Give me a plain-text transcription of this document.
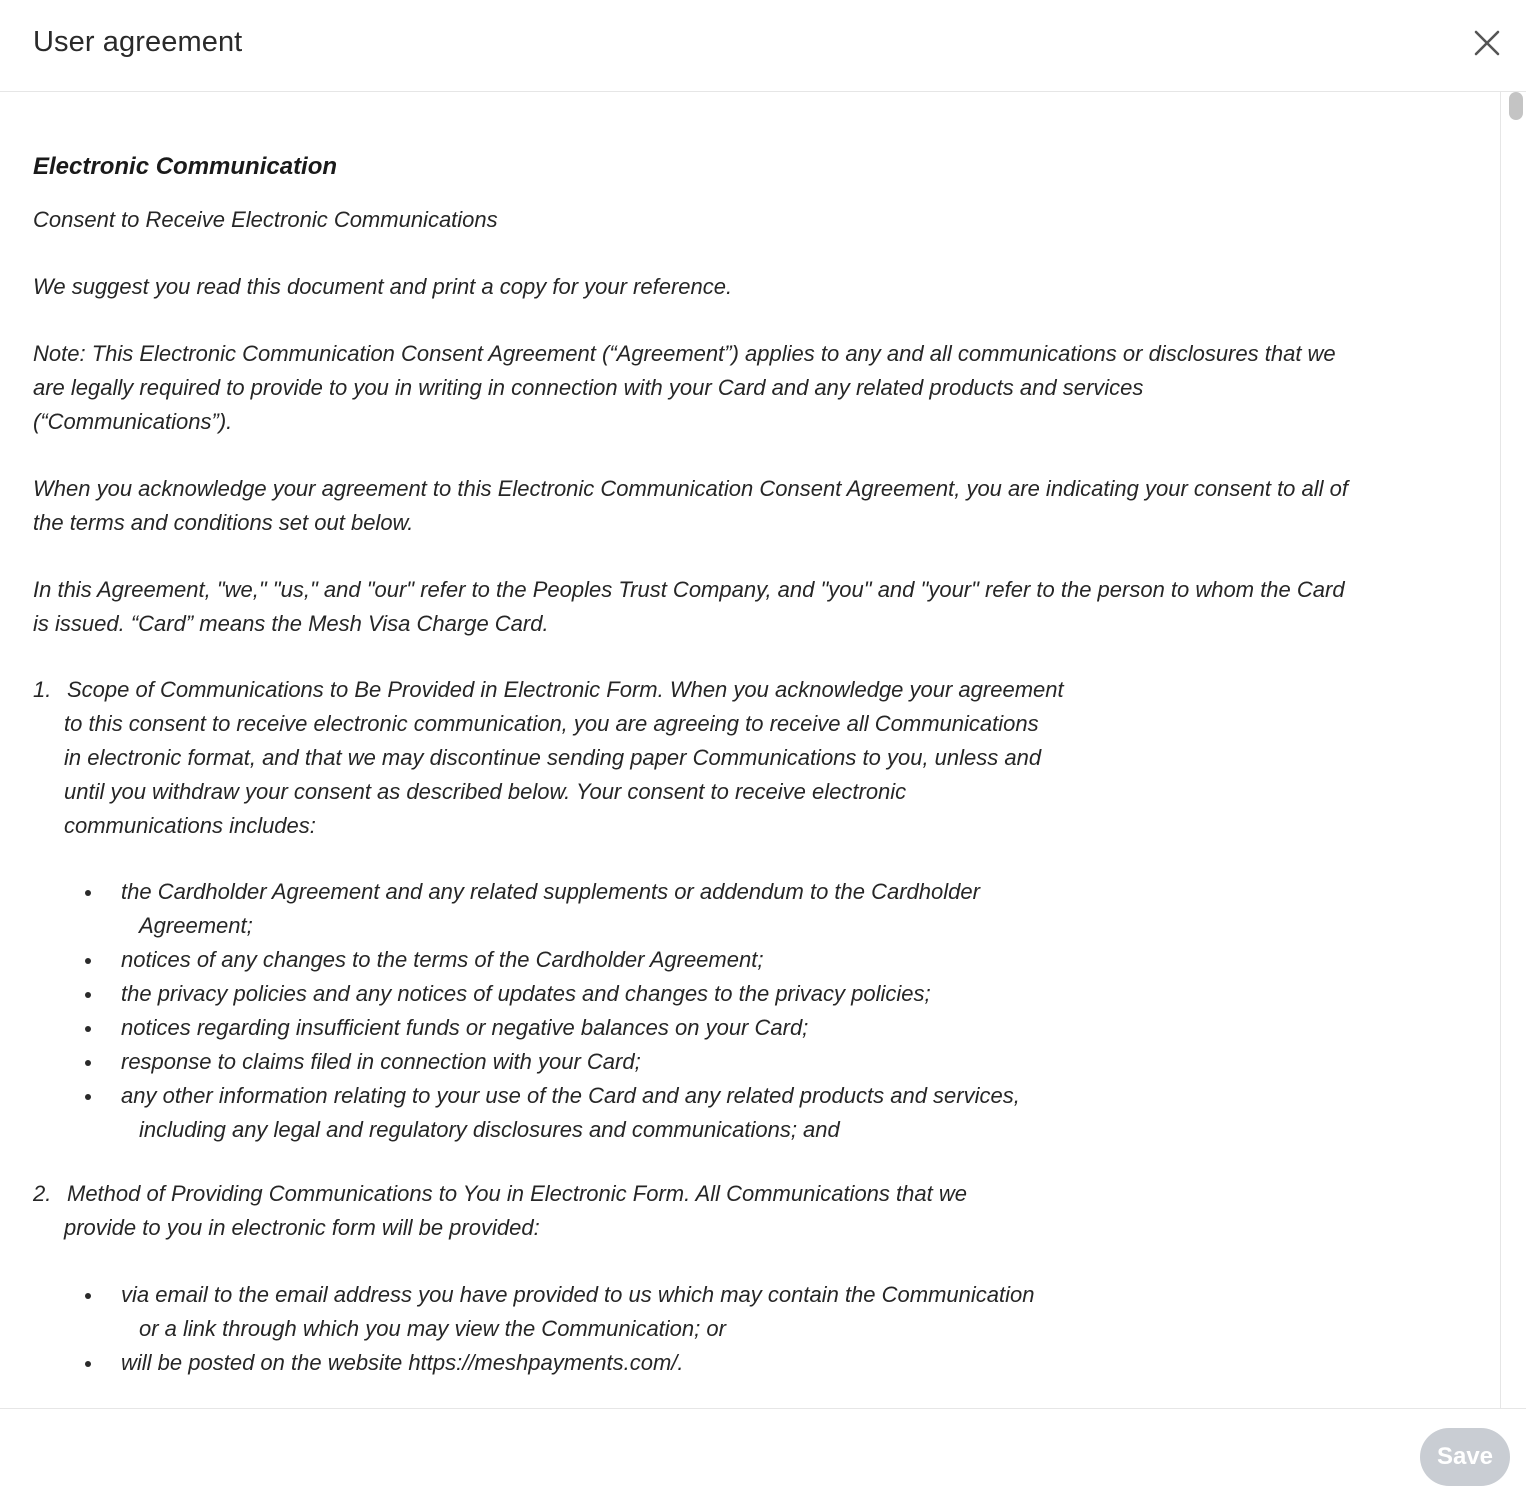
User agreement
Electronic Communication
Consent to Receive Electronic Communications
We suggest you read this document and print a copy for your reference.
Note: This Electronic Communication Consent Agreement (“Agreement”) applies to any and all communications or disclosures that we
are legally required to provide to you in writing in connection with your Card and any related products and services
(“Communications”).
When you acknowledge your agreement to this Electronic Communication Consent Agreement, you are indicating your consent to all of
the terms and conditions set out below.
In this Agreement, "we," "us," and "our" refer to the Peoples Trust Company, and "you" and "your" refer to the person to whom the Card
is issued. “Card” means the Mesh Visa Charge Card.
1. Scope of Communications to Be Provided in Electronic Form. When you acknowledge your agreement
to this consent to receive electronic communication, you are agreeing to receive all Communications
in electronic format, and that we may discontinue sending paper Communications to you, unless and
until you withdraw your consent as described below. Your consent to receive electronic
communications includes:
the Cardholder Agreement and any related supplements or addendum to the Cardholder
Agreement;
notices of any changes to the terms of the Cardholder Agreement;
the privacy policies and any notices of updates and changes to the privacy policies;
notices regarding insufficient funds or negative balances on your Card;
response to claims filed in connection with your Card;
any other information relating to your use of the Card and any related products and services,
including any legal and regulatory disclosures and communications; and
2. Method of Providing Communications to You in Electronic Form. All Communications that we
provide to you in electronic form will be provided:
via email to the email address you have provided to us which may contain the Communication
or a link through which you may view the Communication; or
will be posted on the website https://meshpayments.com/.
Save
